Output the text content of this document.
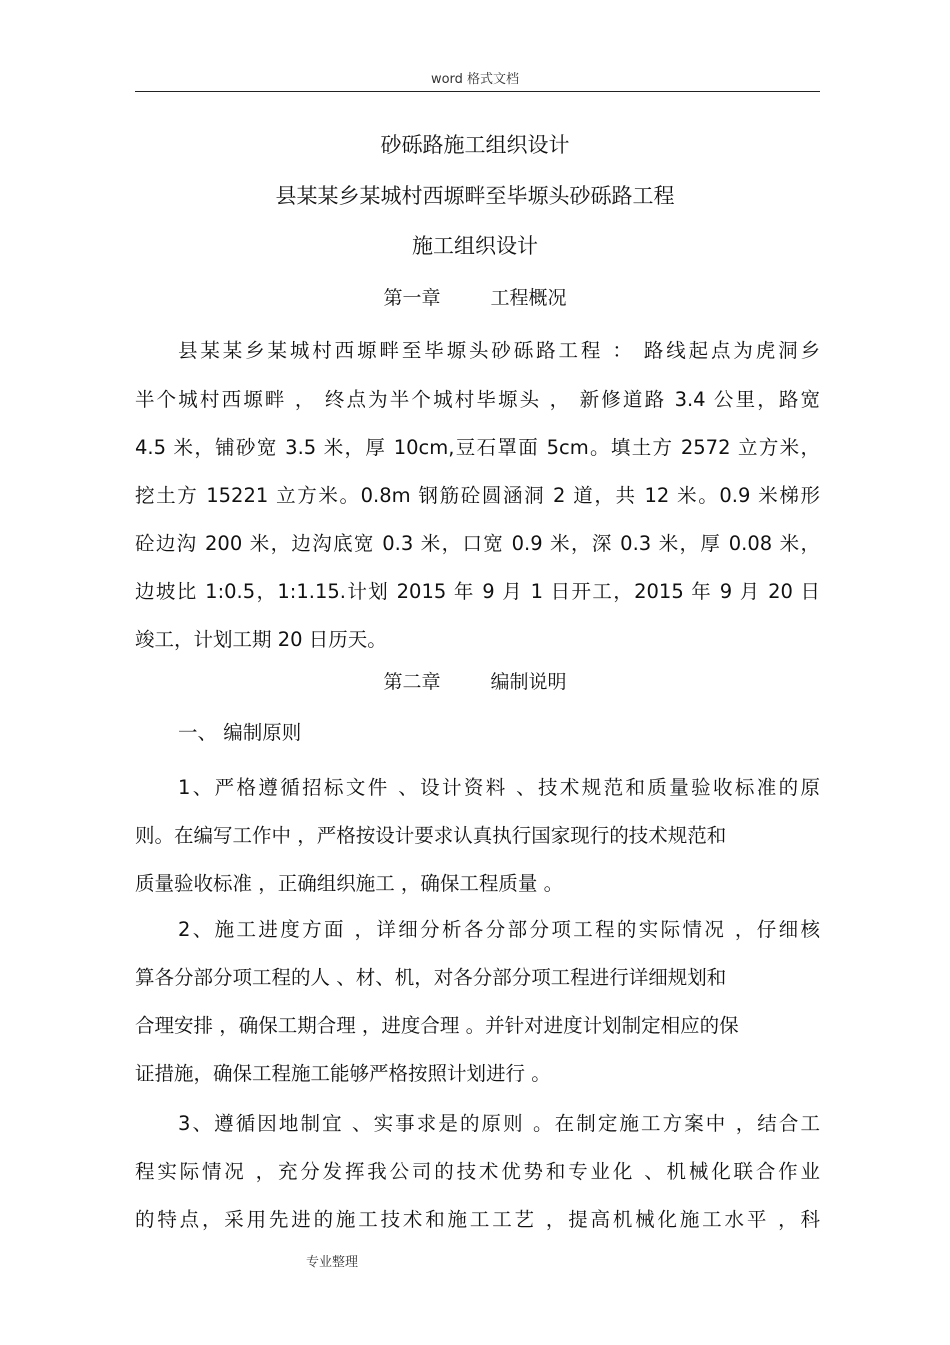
word 格式文档
砂砾路施工组织设计
县某某乡某城村西塬畔至毕塬头砂砾路工程
施工组织设计
第一章	工程概况
县某某乡某城村西塬畔至毕塬头砂砾路工程 ： 路线起点为虎洞乡
半个城村西塬畔 ， 终点为半个城村毕塬头 ， 新修道路 3.4 公里，路宽
4.5 米，铺砂宽 3.5 米，厚 10cm,豆石罩面 5cm。填土方 2572 立方米，
挖土方 15221 立方米。0.8m 钢筋砼圆涵洞 2 道，共 12 米。0.9 米梯形
砼边沟 200 米，边沟底宽 0.3 米，口宽 0.9 米，深 0.3 米，厚 0.08 米，
边坡比 1:0.5，1:1.15.计划 2015 年 9 月 1 日开工，2015 年 9 月 20 日
竣工，计划工期 20 日历天。
第二章	编制说明
一、 编制原则
1、严格遵循招标文件 、设计资料 、技术规范和质量验收标准的原
则。在编写工作中 ，严格按设计要求认真执行国家现行的技术规范和
质量验收标准 ，正确组织施工 ，确保工程质量 。
2、施工进度方面 ，详细分析各分部分项工程的实际情况 ，仔细核
算各分部分项工程的人 、材、机，对各分部分项工程进行详细规划和
合理安排 ，确保工期合理 ，进度合理 。并针对进度计划制定相应的保
证措施，确保工程施工能够严格按照计划进行 。
3、遵循因地制宜 、实事求是的原则 。在制定施工方案中 ，结合工
程实际情况 ，充分发挥我公司的技术优势和专业化 、机械化联合作业
的特点，采用先进的施工技术和施工工艺 ，提高机械化施工水平 ，科
专业整理
